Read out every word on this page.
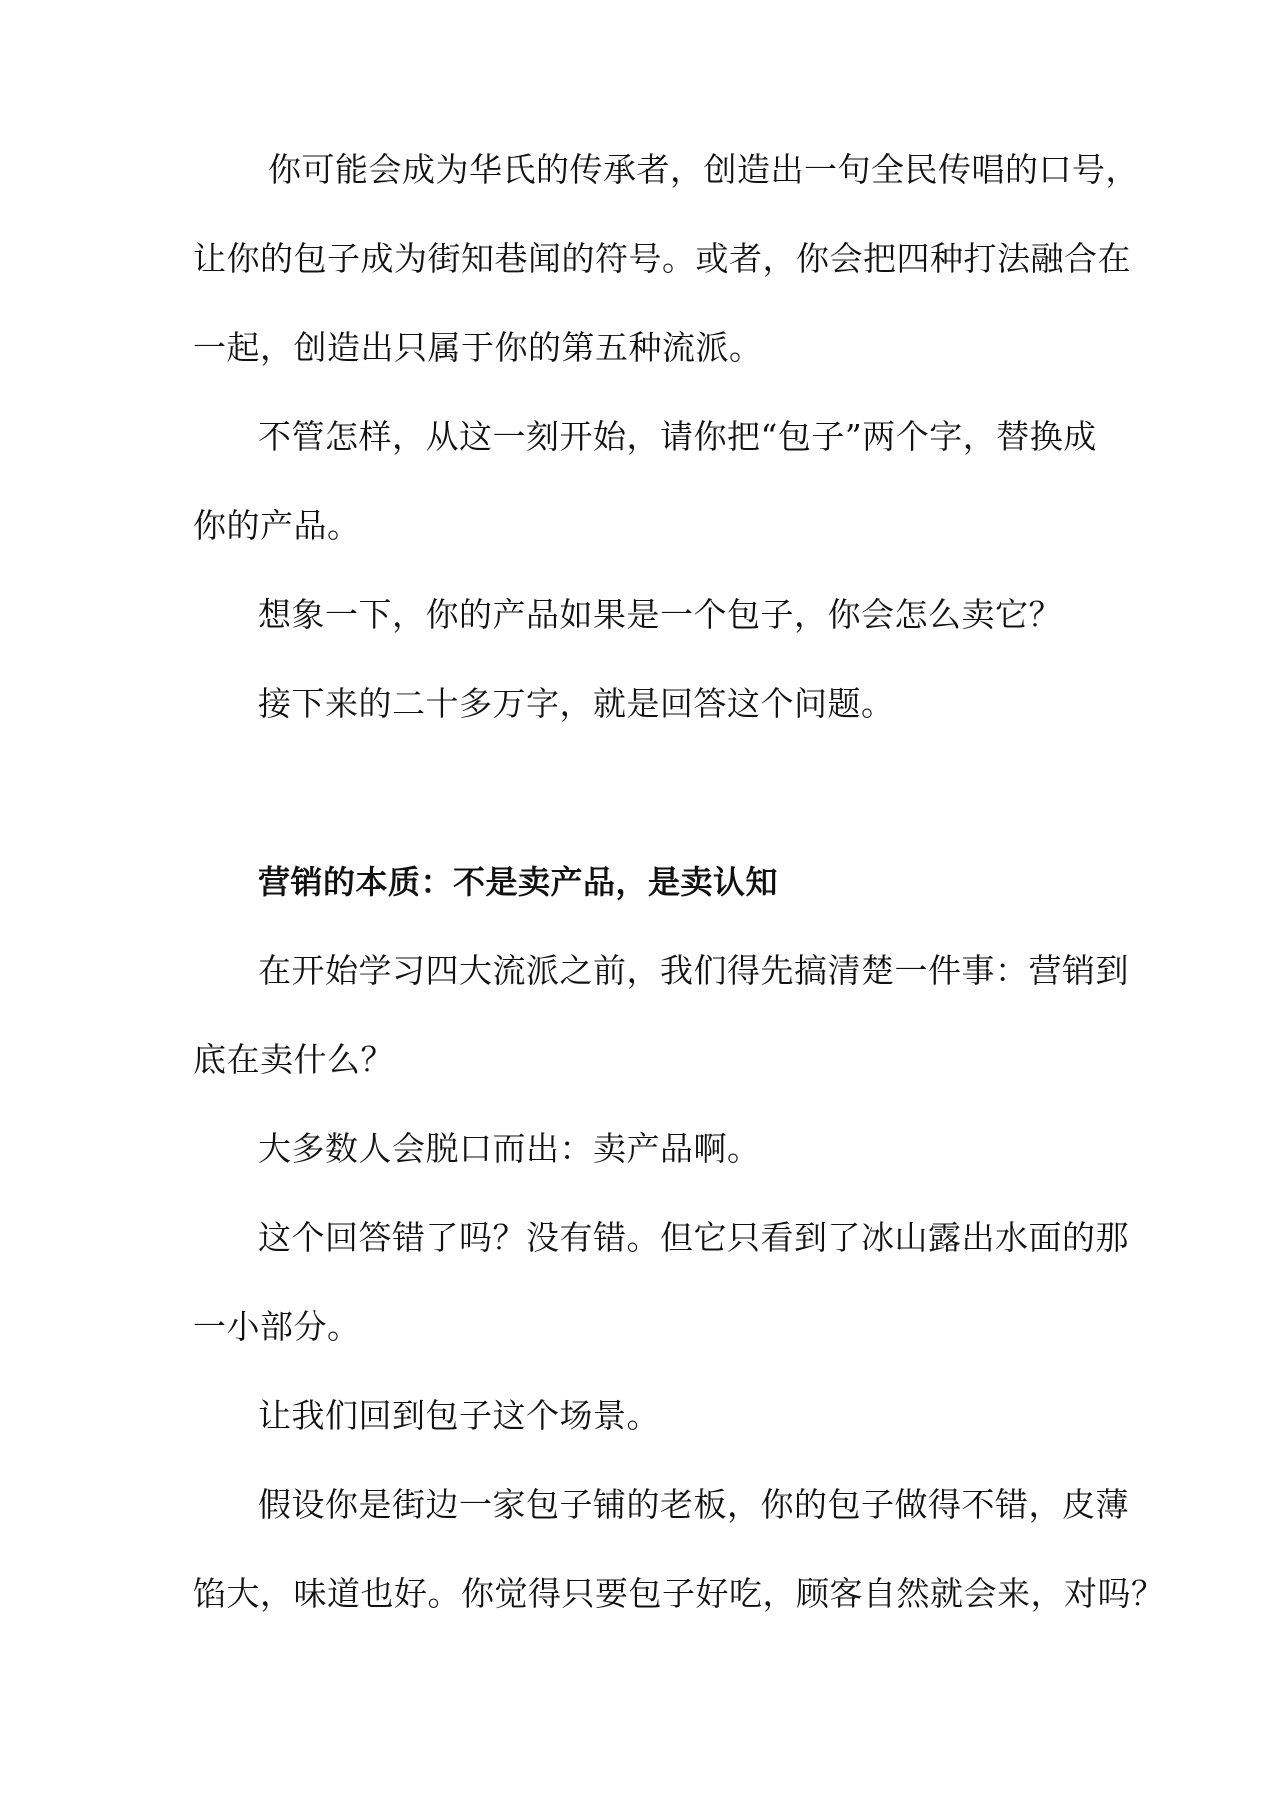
你可能会成为华氏的传承者，创造出一句全民传唱的口号，
让你的包子成为街知巷闻的符号。或者，你会把四种打法融合在
一起，创造出只属于你的第五种流派。
不管怎样，从这一刻开始，请你把“包子”两个字，替换成
你的产品。
想象一下，你的产品如果是一个包子，你会怎么卖它？
接下来的二十多万字，就是回答这个问题。
营销的本质：不是卖产品，是卖认知
在开始学习四大流派之前，我们得先搞清楚一件事：营销到
底在卖什么？
大多数人会脱口而出：卖产品啊。
这个回答错了吗？没有错。但它只看到了冰山露出水面的那
一小部分。
让我们回到包子这个场景。
假设你是街边一家包子铺的老板，你的包子做得不错，皮薄
馅大，味道也好。你觉得只要包子好吃，顾客自然就会来，对吗？
